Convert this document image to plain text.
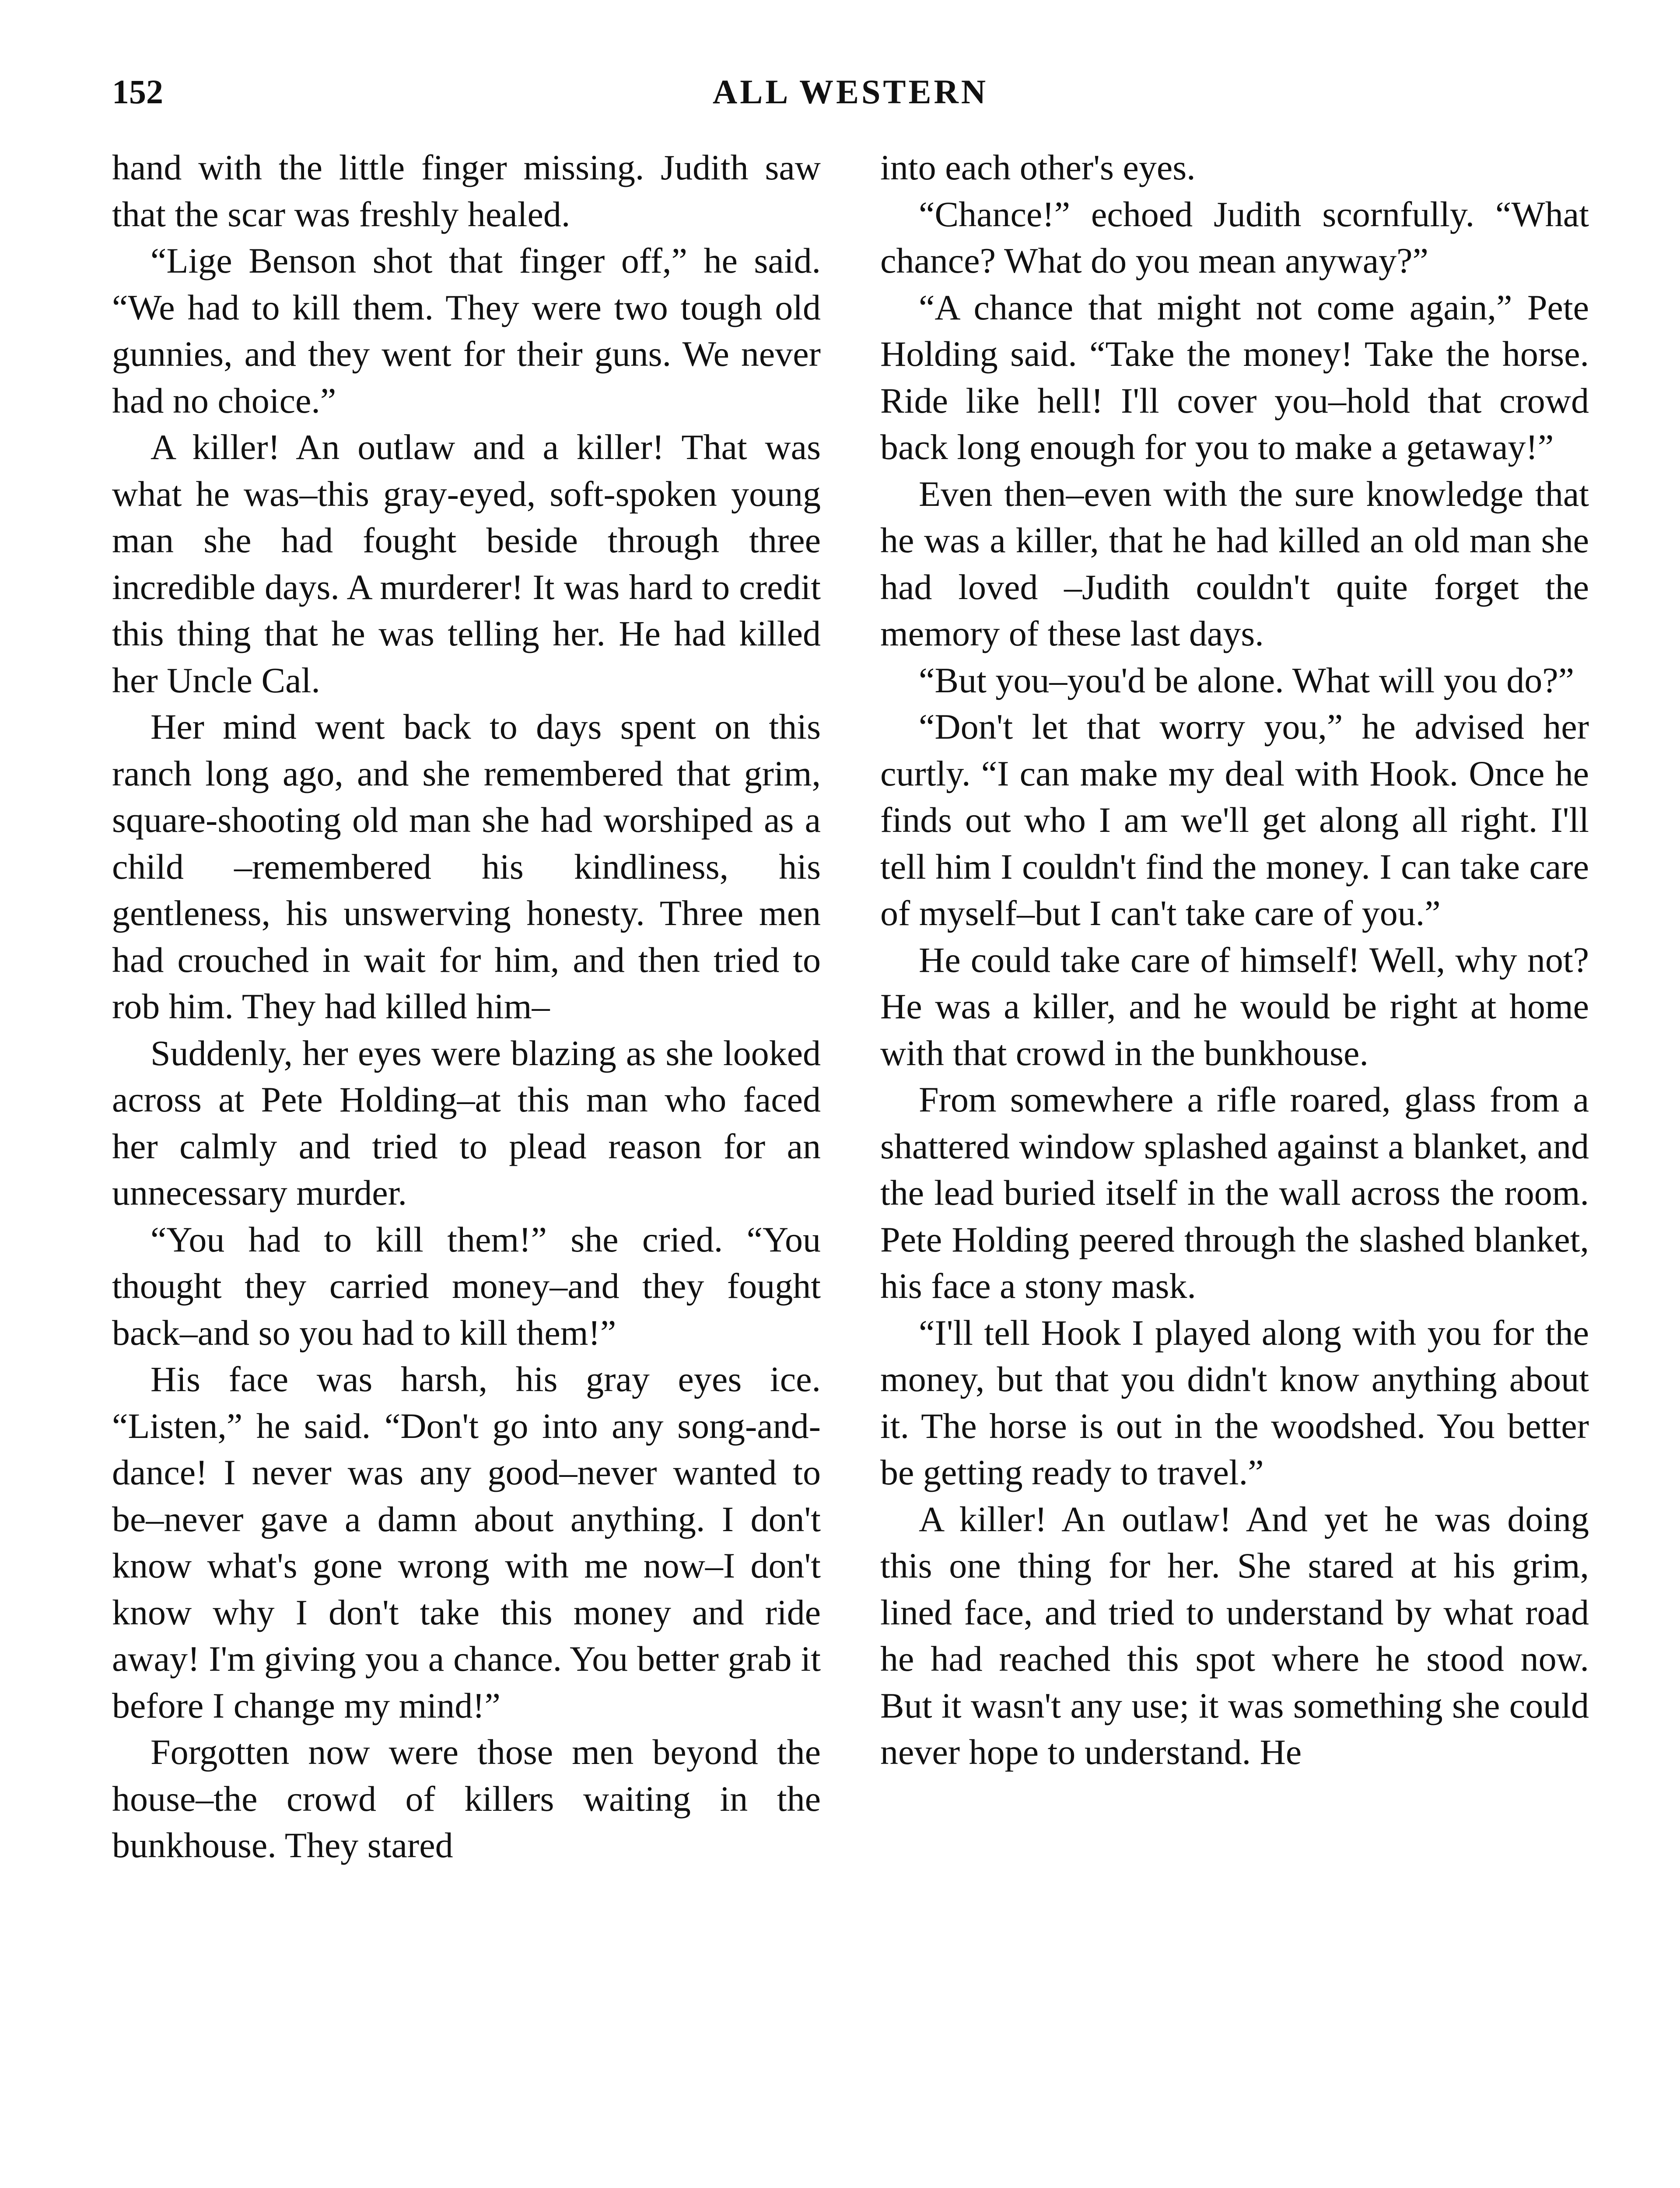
152	ALL WESTERN

hand with the little finger missing. Judith saw that the scar was freshly healed.

“Lige Benson shot that finger off,” he said. “We had to kill them. They were two tough old gunnies, and they went for their guns. We never had no choice.”

A killer! An outlaw and a killer! That was what he was–this gray-eyed, soft-spoken young man she had fought beside through three incredible days. A murderer! It was hard to credit this thing that he was telling her. He had killed her Uncle Cal.

Her mind went back to days spent on this ranch long ago, and she remembered that grim, square-shooting old man she had worshiped as a child –remembered his kindliness, his gentleness, his unswerving honesty. Three men had crouched in wait for him, and then tried to rob him. They had killed him–

Suddenly, her eyes were blazing as she looked across at Pete Holding–at this man who faced her calmly and tried to plead reason for an unnecessary murder.

“You had to kill them!” she cried. “You thought they carried money–and they fought back–and so you had to kill them!”

His face was harsh, his gray eyes ice. “Listen,” he said. “Don't go into any song-and-dance! I never was any good–never wanted to be–never gave a damn about anything. I don't know what's gone wrong with me now–I don't know why I don't take this money and ride away! I'm giving you a chance. You better grab it before I change my mind!”

Forgotten now were those men beyond the house–the crowd of killers waiting in the bunkhouse. They stared

into each other's eyes.

“Chance!” echoed Judith scornfully. “What chance? What do you mean anyway?”

“A chance that might not come again,” Pete Holding said. “Take the money! Take the horse. Ride like hell! I'll cover you–hold that crowd back long enough for you to make a getaway!”

Even then–even with the sure knowledge that he was a killer, that he had killed an old man she had loved –Judith couldn't quite forget the memory of these last days.

“But you–you'd be alone. What will you do?”

“Don't let that worry you,” he advised her curtly. “I can make my deal with Hook. Once he finds out who I am we'll get along all right. I'll tell him I couldn't find the money. I can take care of myself–but I can't take care of you.”

He could take care of himself! Well, why not? He was a killer, and he would be right at home with that crowd in the bunkhouse.

From somewhere a rifle roared, glass from a shattered window splashed against a blanket, and the lead buried itself in the wall across the room. Pete Holding peered through the slashed blanket, his face a stony mask.

“I'll tell Hook I played along with you for the money, but that you didn't know anything about it. The horse is out in the woodshed. You better be getting ready to travel.”

A killer! An outlaw! And yet he was doing this one thing for her. She stared at his grim, lined face, and tried to understand by what road he had reached this spot where he stood now. But it wasn't any use; it was something she could never hope to understand. He
